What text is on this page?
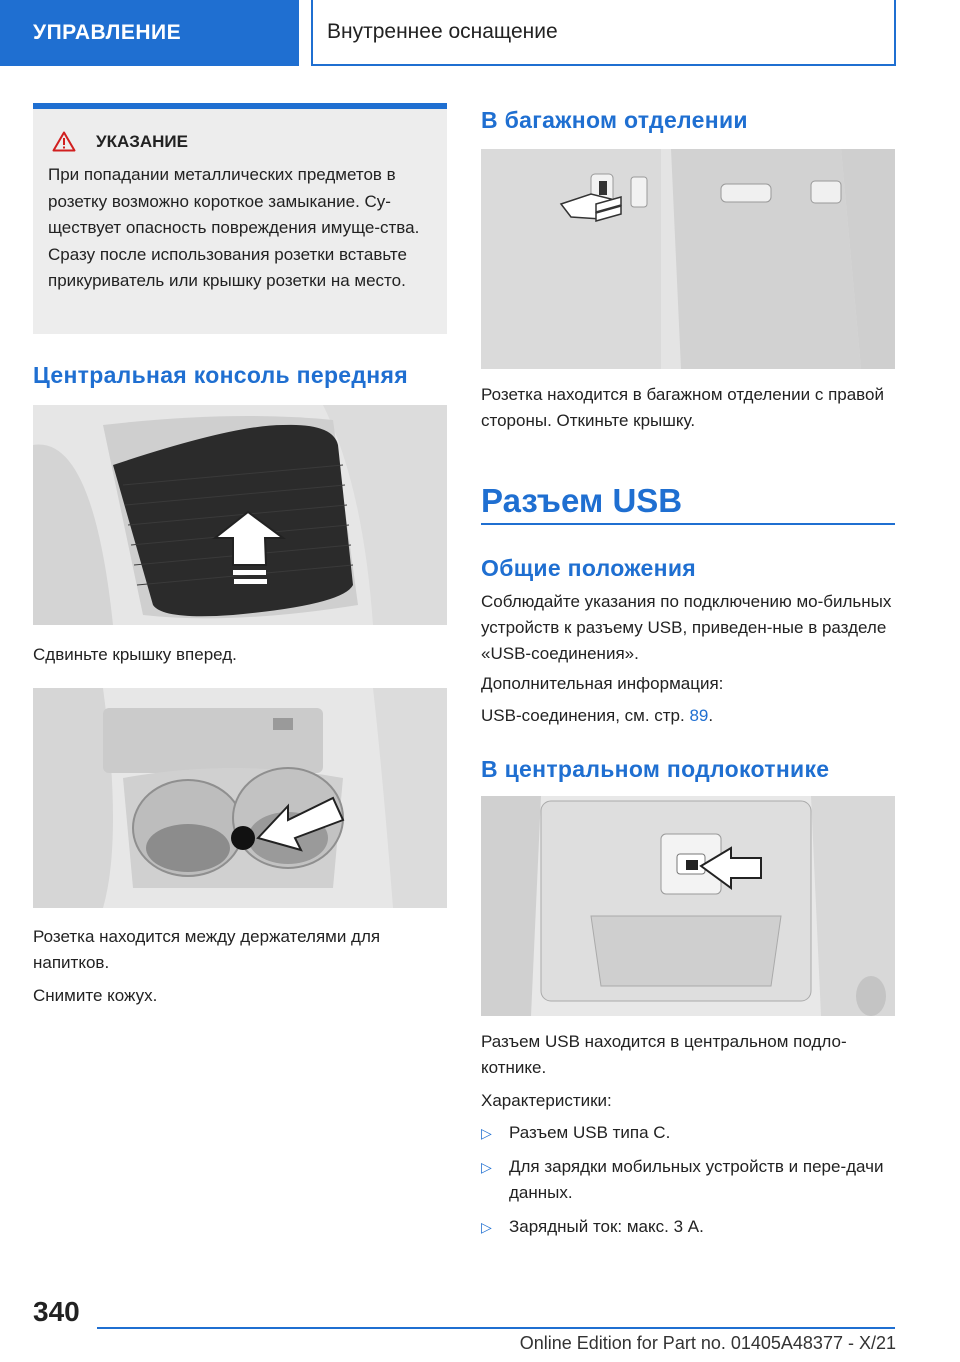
УПРАВЛЕНИЕ	Внутреннее оснащение
УКАЗАНИЕ
При попадании металлических предметов в розетку возможно короткое замыкание. Су-ществует опасность повреждения имуще-ства. Сразу после использования розетки вставьте прикуриватель или крышку розетки на место.
Центральная консоль передняя

Сдвиньте крышку вперед.

Розетка находится между держателями для напитков.

Снимите кожух.

В багажном отделении

Розетка находится в багажном отделении с правой стороны. Откиньте крышку.

Разъем USB
Общие положения

Соблюдайте указания по подключению мо-бильных устройств к разъему USB, приведен-ные в разделе «USB-соединения».

Дополнительная информация:

USB-соединения, см. стр. 89.

В центральном подлокотнике

Разъем USB находится в центральном подло-котнике.

Характеристики:

▷	Разъем USB типа C.
▷	Для зарядки мобильных устройств и пере-дачи данных.
▷	Зарядный ток: макс. 3 A.
340
Online Edition for Part no. 01405A48377 - X/21
